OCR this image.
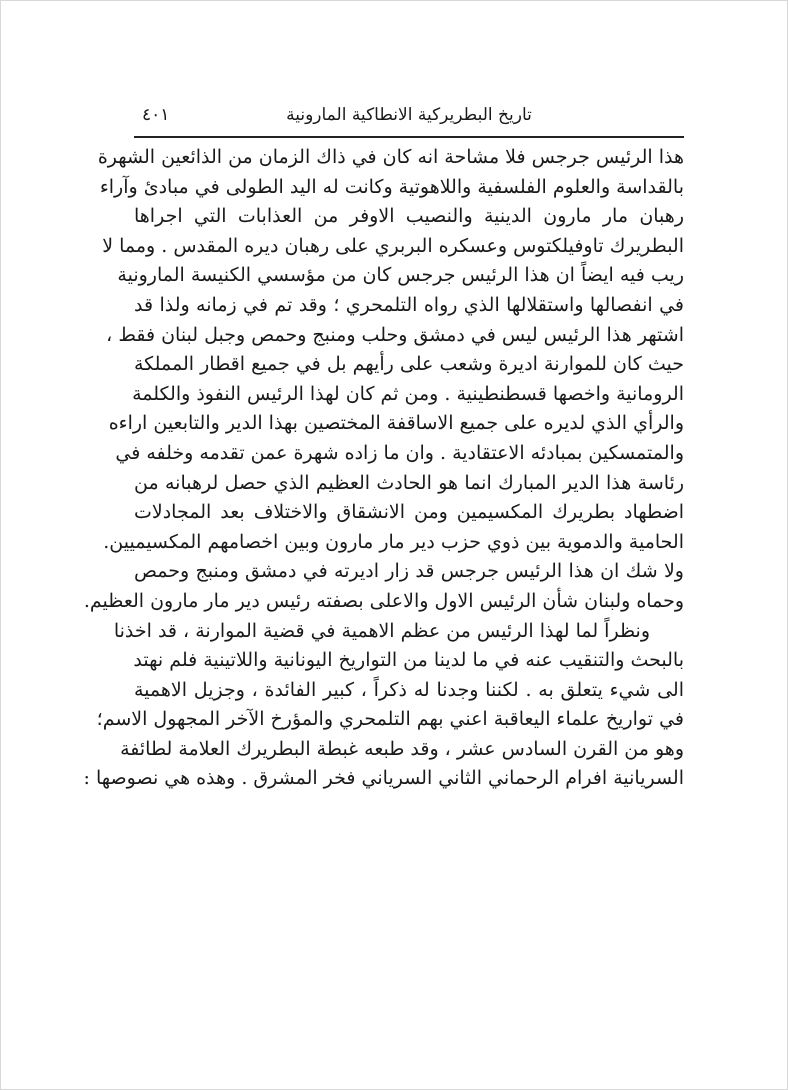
تاريخ البطريركية الانطاكية المارونية
٤٠١
هذا الرئيس جرجس فلا مشاحة انه كان في ذاك الزمان من الذائعين الشهرة
بالقداسة والعلوم الفلسفية واللاهوتية وكانت له اليد الطولى في مبادئ وآراء
رهبان مار مارون الدينية والنصيب الاوفر من العذابات التي اجراها
البطريرك تاوفيلكتوس وعسكره البربري على رهبان ديره المقدس . ومما لا
ريب فيه ايضاً ان هذا الرئيس جرجس كان من مؤسسي الكنيسة المارونية
في انفصالها واستقلالها الذي رواه التلمحري ؛ وقد تم في زمانه ولذا قد
اشتهر هذا الرئيس ليس في دمشق وحلب ومنبج وحمص وجبل لبنان فقط ،
حيث كان للموارنة اديرة وشعب على رأيهم بل في جميع اقطار المملكة
الرومانية واخصها قسطنطينية . ومن ثم كان لهذا الرئيس النفوذ والكلمة
والرأي الذي لديره على جميع الاساقفة المختصين بهذا الدير والتابعين اراءه
والمتمسكين بمبادئه الاعتقادية . وان ما زاده شهرة عمن تقدمه وخلفه في
رئاسة هذا الدير المبارك انما هو الحادث العظيم الذي حصل لرهبانه من
اضطهاد بطريرك المكسيمين ومن الانشقاق والاختلاف بعد المجادلات
الحامية والدموية بين ذوي حزب دير مار مارون وبين اخصامهم المكسيميين.
ولا شك ان هذا الرئيس جرجس قد زار اديرته في دمشق ومنبج وحمص
وحماه ولبنان شأن الرئيس الاول والاعلى بصفته رئيس دير مار مارون العظيم.
ونظراً لما لهذا الرئيس من عظم الاهمية في قضية الموارنة ، قد اخذنا
بالبحث والتنقيب عنه في ما لدينا من التواريخ اليونانية واللاتينية فلم نهتد
الى شيء يتعلق به . لكننا وجدنا له ذكراً ، كبير الفائدة ، وجزيل الاهمية
في تواريخ علماء اليعاقبة اعني بهم التلمحري والمؤرخ الآخر المجهول الاسم؛
وهو من القرن السادس عشر ، وقد طبعه غبطة البطريرك العلامة لطائفة
السريانية افرام الرحماني الثاني السرياني فخر المشرق . وهذه هي نصوصها :
